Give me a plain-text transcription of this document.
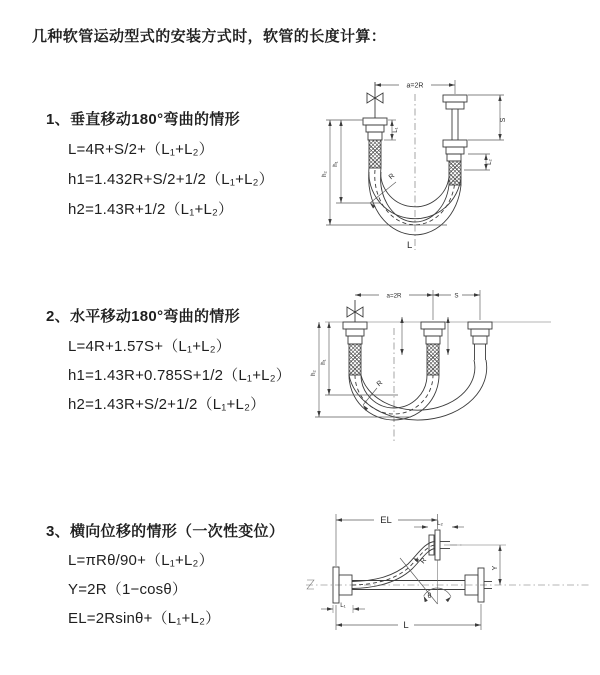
几种软管运动型式的安装方式时，软管的长度计算：
1、垂直移动180°弯曲的情形
L=4R+S/2+（L₁+L₂）
h1=1.432R+S/2+1/2（L₁+L₂）
h2=1.43R+1/2（L₁+L₂）
2、水平移动180°弯曲的情形
L=4R+1.57S+（L₁+L₂）
h1=1.43R+0.785S+1/2（L₁+L₂）
h2=1.43R+S/2+1/2（L₁+L₂）
3、横向位移的情形（一次性变位）
L=πRθ/90+（L₁+L₂）
Y=2R（1−cosθ）
EL=2Rsinθ+（L₁+L₂）
a=2R
S
L₂
L₁
h₁
h₂	R
L
a=2R	S
h₁
h₂
R
EL	L₂
Y
L
L₁
R
θ
